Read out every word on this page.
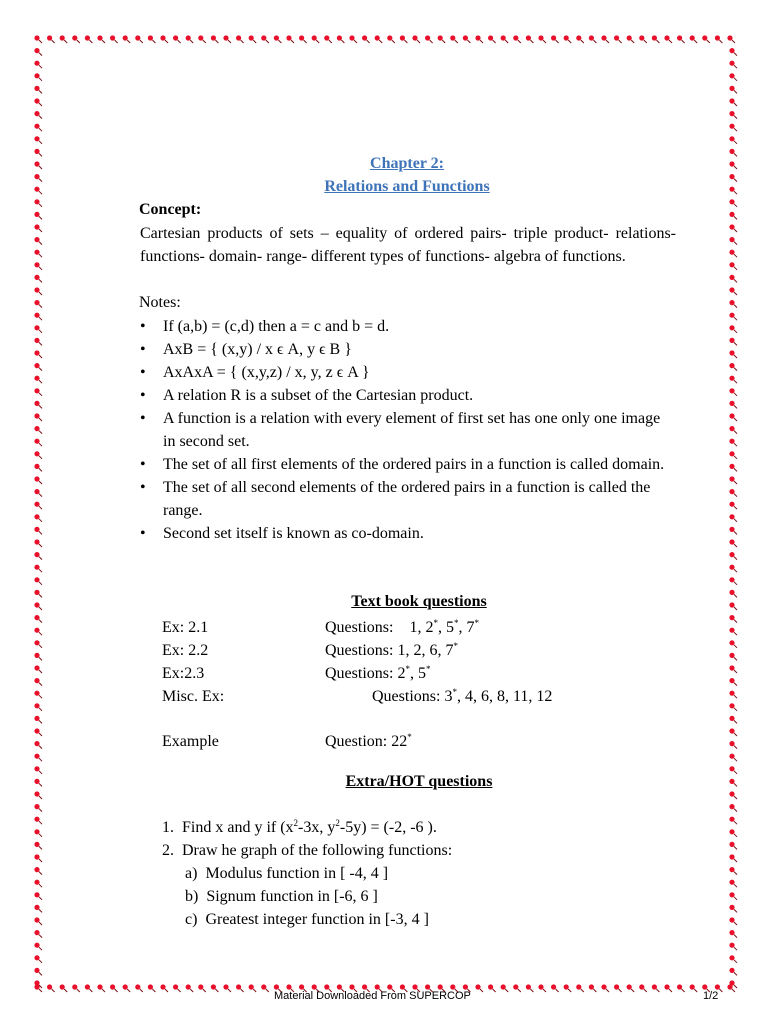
Chapter 2:
Relations and Functions
Concept:
Cartesian products of sets – equality of ordered pairs- triple product- relations- functions- domain- range- different types of functions- algebra of functions.
Notes:
•	If (a,b) = (c,d) then a = c and b = d.
•	AxB = { (x,y) / x ϵ A, y ϵ B }
•	AxAxA = { (x,y,z) / x, y, z ϵ A }
•	A relation R is a subset of the Cartesian product.
•	A function is a relation with every element of first set has one only one image in second set.
•	The set of all first elements of the ordered pairs in a function is called domain.
•	The set of all second elements of the ordered pairs in a function is called the range.
•	Second set itself is known as co-domain.
Text book questions
Ex: 2.1	Questions:    1, 2*, 5*, 7*
Ex: 2.2	Questions: 1, 2, 6, 7*
Ex:2.3	Questions: 2*, 5*
Misc. Ex:	Questions: 3*, 4, 6, 8, 11, 12
Example	Question: 22*
Extra/HOT questions
1. Find x and y if ($x^2-3x$, $y^2-5y) = (-2$, -6 ).
2. Draw he graph of the following functions:
a) Modulus function in [ -4, 4 ]
b) Signum function in [-6, 6 ]
c) Greatest integer function in [-3, 4 ]
Material Downloaded From SUPERCOP	1/2
